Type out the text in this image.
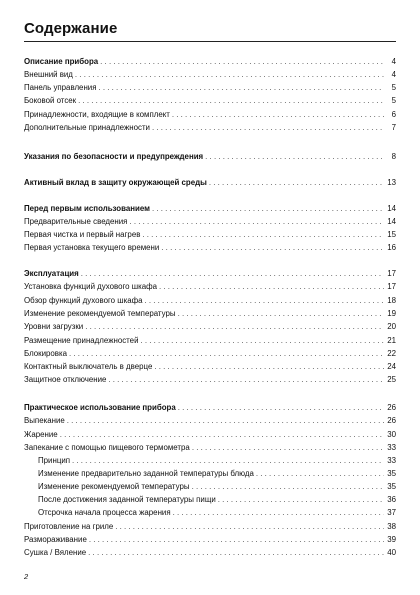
Содержание
Описание прибора . . .	4
Внешний вид . . .	4
Панель управления . . .	5
Боковой отсек . . .	5
Принадлежности, входящие в комплект . . .	6
Дополнительные принадлежности . . .	7
Указания по безопасности и предупреждения . . .	8
Активный вклад в защиту окружающей среды . . .	13
Перед первым использованием . . .	14
Предварительные сведения . . .	14
Первая чистка и первый нагрев . . .	15
Первая установка текущего времени . . .	16
Эксплуатация . . .	17
Установка функций духового шкафа . . .	17
Обзор функций духового шкафа . . .	18
Изменение рекомендуемой температуры . . .	19
Уровни загрузки . . .	20
Размещение принадлежностей . . .	21
Блокировка . . .	22
Контактный выключатель в дверце . . .	24
Защитное отключение . . .	25
Практическое использование прибора . . .	26
Выпекание . . .	26
Жарение . . .	30
Запекание с помощью пищевого термометра . . .	33
Принцип . . .	33
Изменение предварительно заданной температуры блюда . . .	35
Изменение рекомендуемой температуры . . .	35
После достижения заданной температуры пищи . . .	36
Отсрочка начала процесса жарения . . .	37
Приготовление на гриле . . .	38
Размораживание . . .	39
Сушка / Вяление . . .	40
2
